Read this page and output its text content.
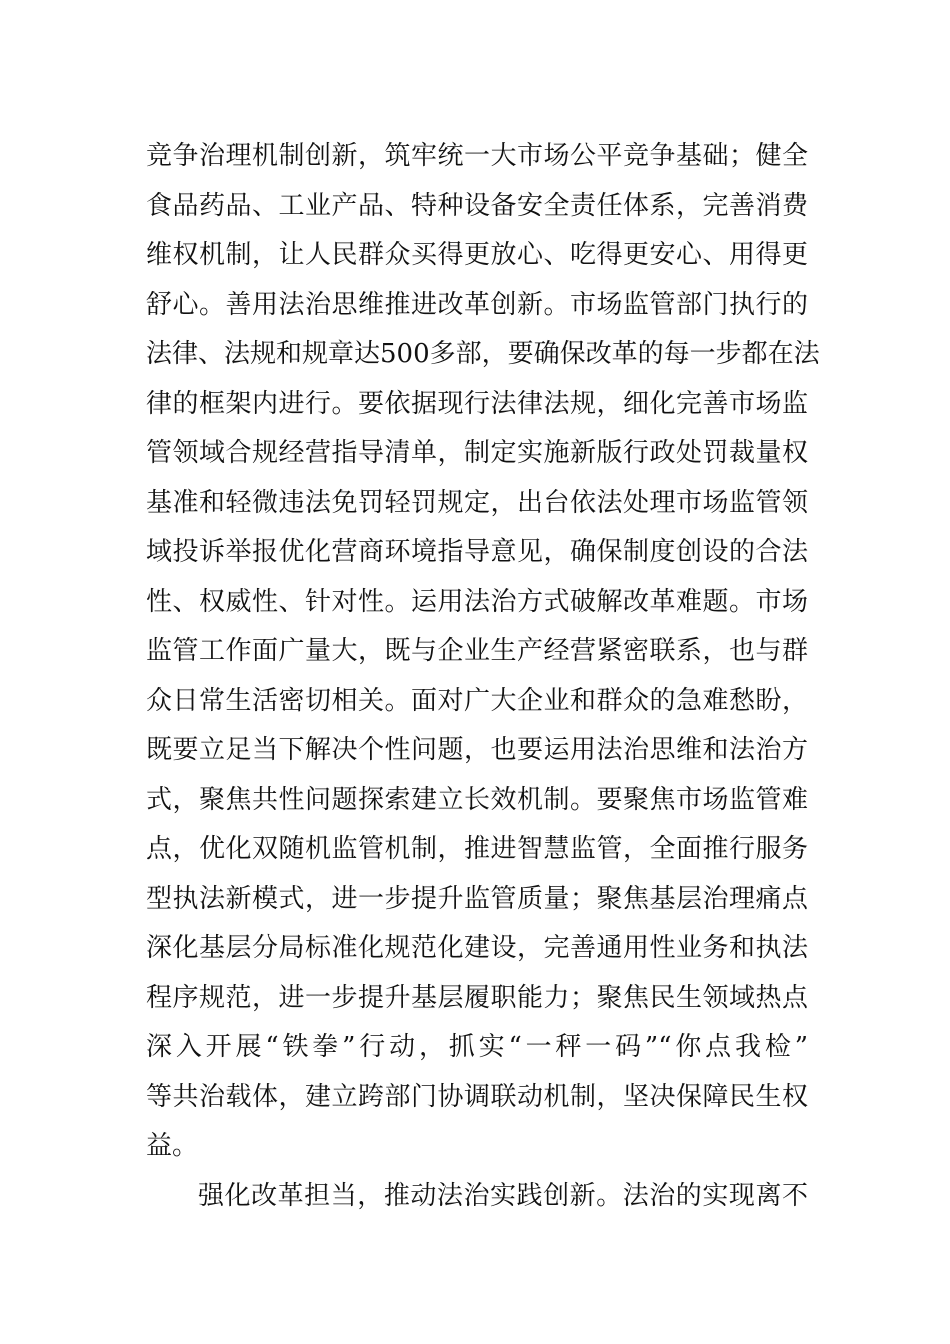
竞争治理机制创新，筑牢统一大市场公平竞争基础；健全
食品药品、工业产品、特种设备安全责任体系，完善消费
维权机制，让人民群众买得更放心、吃得更安心、用得更
舒心。善用法治思维推进改革创新。市场监管部门执行的
法律、法规和规章达500多部，要确保改革的每一步都在法
律的框架内进行。要依据现行法律法规，细化完善市场监
管领域合规经营指导清单，制定实施新版行政处罚裁量权
基准和轻微违法免罚轻罚规定，出台依法处理市场监管领
域投诉举报优化营商环境指导意见，确保制度创设的合法
性、权威性、针对性。运用法治方式破解改革难题。市场
监管工作面广量大，既与企业生产经营紧密联系，也与群
众日常生活密切相关。面对广大企业和群众的急难愁盼，
既要立足当下解决个性问题，也要运用法治思维和法治方
式，聚焦共性问题探索建立长效机制。要聚焦市场监管难
点，优化双随机监管机制，推进智慧监管，全面推行服务
型执法新模式，进一步提升监管质量；聚焦基层治理痛点
深化基层分局标准化规范化建设，完善通用性业务和执法
程序规范，进一步提升基层履职能力；聚焦民生领域热点
深入开展“铁拳”行动，抓实“一秤一码”“你点我检”
等共治载体，建立跨部门协调联动机制，坚决保障民生权
益。
强化改革担当，推动法治实践创新。法治的实现离不
